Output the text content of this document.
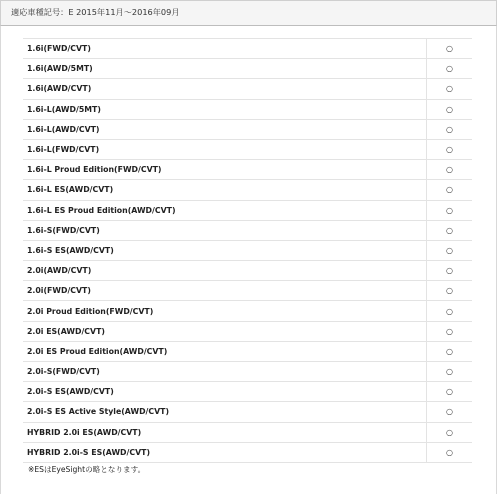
適応車種記号：E 2015年11月～2016年09月
1.6i(FWD/CVT)	○
1.6i(AWD/5MT)	○
1.6i(AWD/CVT)	○
1.6i-L(AWD/5MT)	○
1.6i-L(AWD/CVT)	○
1.6i-L(FWD/CVT)	○
1.6i-L Proud Edition(FWD/CVT)	○
1.6i-L ES(AWD/CVT)	○
1.6i-L ES Proud Edition(AWD/CVT)	○
1.6i-S(FWD/CVT)	○
1.6i-S ES(AWD/CVT)	○
2.0i(AWD/CVT)	○
2.0i(FWD/CVT)	○
2.0i Proud Edition(FWD/CVT)	○
2.0i ES(AWD/CVT)	○
2.0i ES Proud Edition(AWD/CVT)	○
2.0i-S(FWD/CVT)	○
2.0i-S ES(AWD/CVT)	○
2.0i-S ES Active Style(AWD/CVT)	○
HYBRID 2.0i ES(AWD/CVT)	○
HYBRID 2.0i-S ES(AWD/CVT)	○
※ESはEyeSightの略となります。
